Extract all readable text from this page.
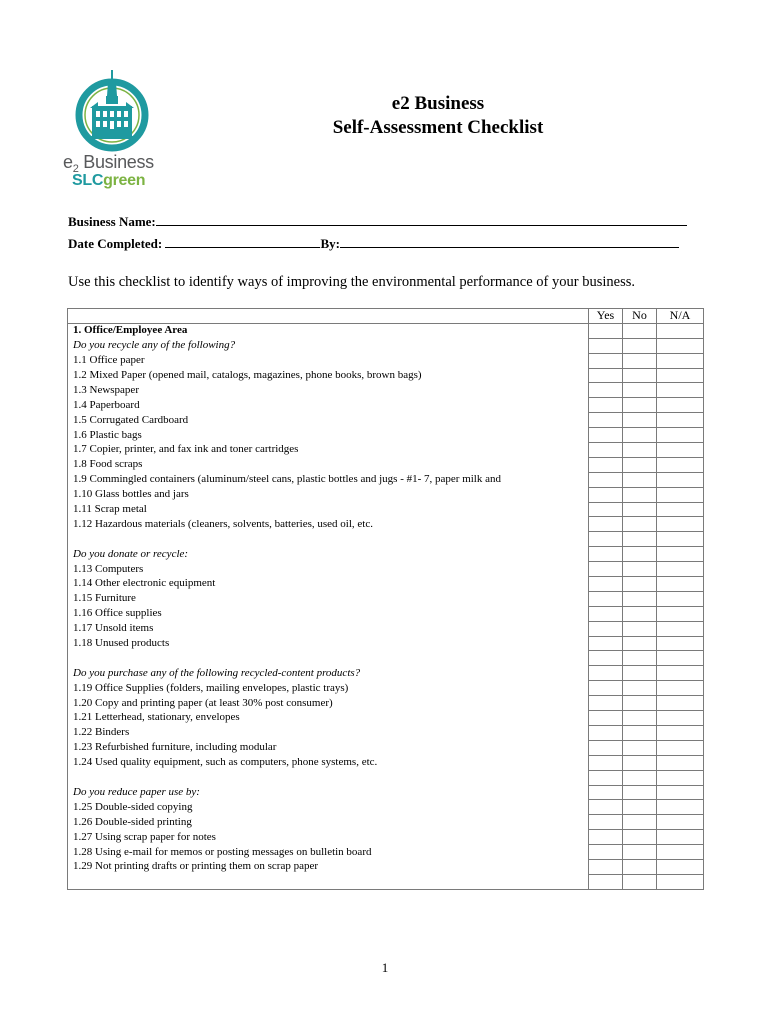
$e_2$ Business
SLCgreen
e2 Business
Self-Assessment Checklist
Business Name:
Date Completed:	By:
Use this checklist to identify ways of improving the environmental performance of your business.
	Yes	No	N/A
1. Office/Employee Area			
Do you recycle any of the following?			
1.1 Office paper			
1.2 Mixed Paper (opened mail, catalogs, magazines, phone books, brown bags)			
1.3 Newspaper			
1.4 Paperboard			
1.5 Corrugated Cardboard			
1.6 Plastic bags			
1.7 Copier, printer, and fax ink and toner cartridges			
1.8 Food scraps			
1.9 Commingled containers (aluminum/steel cans, plastic bottles and jugs - #1- 7, paper milk and			
1.10 Glass bottles and jars			
1.11 Scrap metal			
1.12 Hazardous materials (cleaners, solvents, batteries, used oil, etc.			

Do you donate or recycle:			
1.13 Computers			
1.14 Other electronic equipment			
1.15 Furniture			
1.16 Office supplies			
1.17 Unsold items			
1.18 Unused products			

Do you purchase any of the following recycled-content products?			
1.19 Office Supplies (folders, mailing envelopes, plastic trays)			
1.20 Copy and printing paper (at least 30% post consumer)			
1.21 Letterhead, stationary, envelopes			
1.22 Binders			
1.23 Refurbished furniture, including modular			
1.24 Used quality equipment, such as computers, phone systems, etc.			

Do you reduce paper use by:			
1.25 Double-sided copying			
1.26 Double-sided printing			
1.27 Using scrap paper for notes			
1.28 Using e-mail for memos or posting messages on bulletin board			
1.29 Not printing drafts or printing them on scrap paper			

1
